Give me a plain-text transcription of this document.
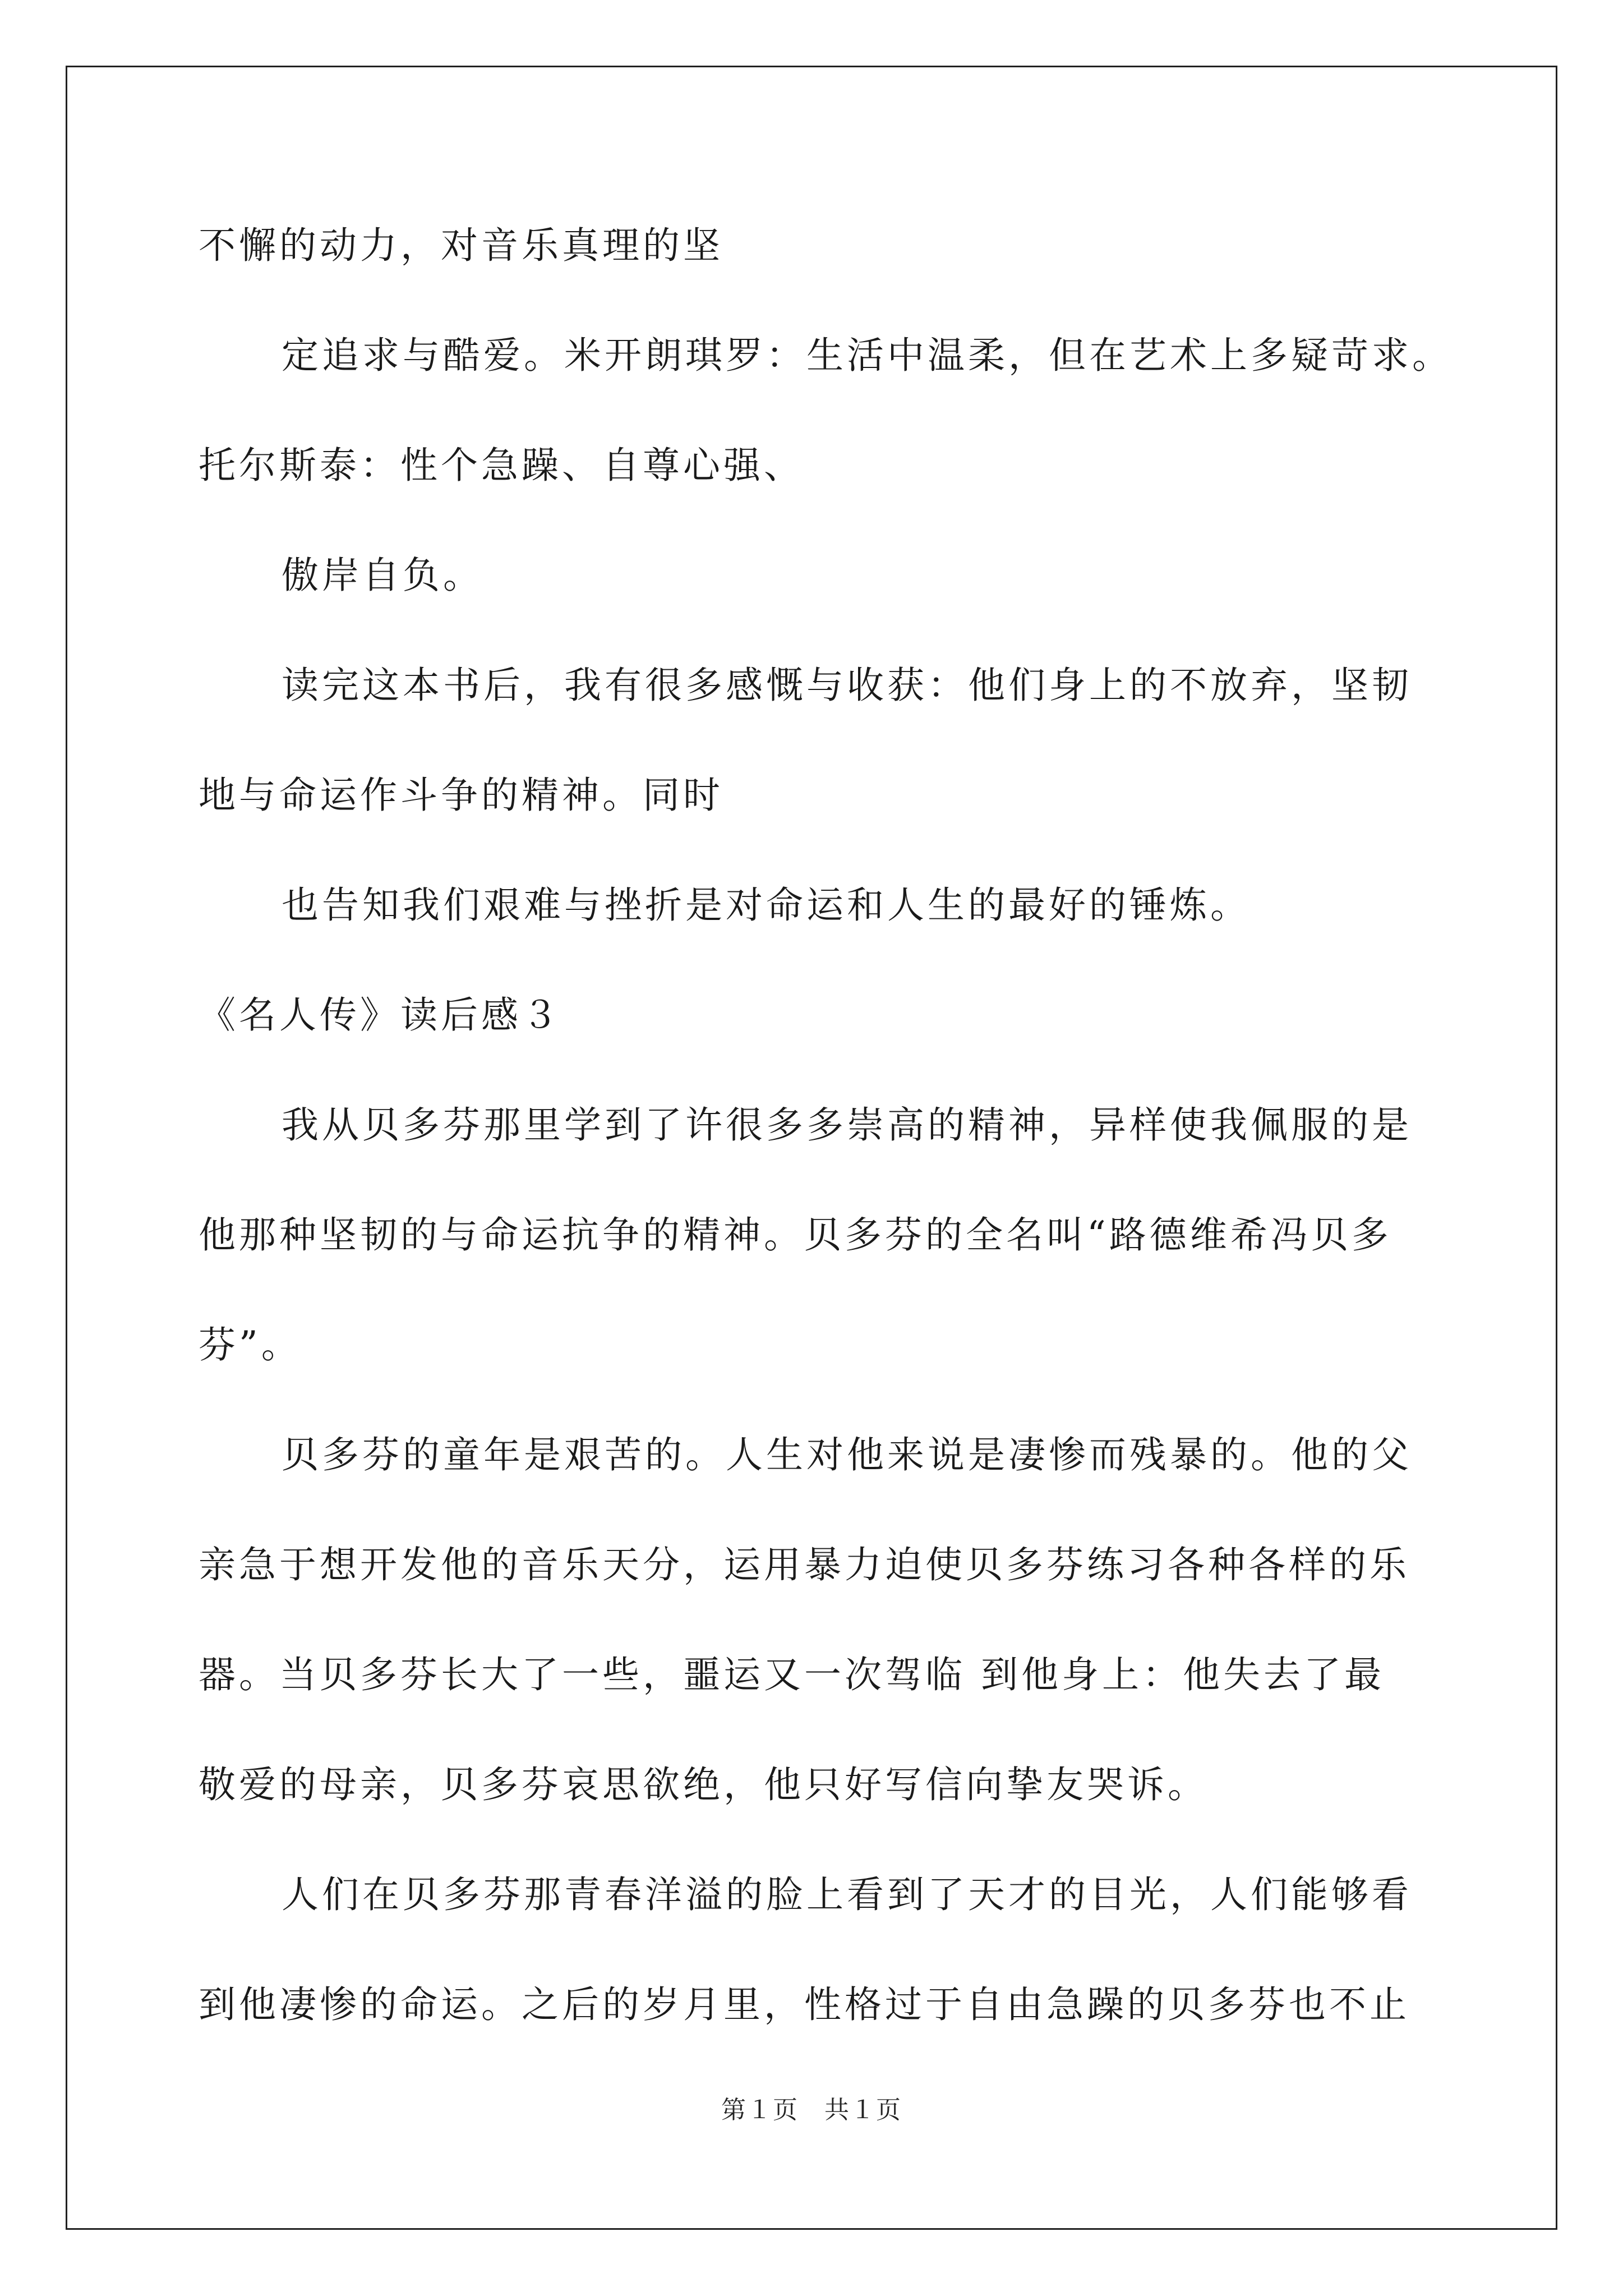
不懈的动力，对音乐真理的坚
定追求与酷爱。米开朗琪罗：生活中温柔，但在艺术上多疑苛求。
托尔斯泰：性个急躁、自尊心强、
傲岸自负。
读完这本书后，我有很多感慨与收获：他们身上的不放弃，坚韧
地与命运作斗争的精神。同时
也告知我们艰难与挫折是对命运和人生的最好的锤炼。
《名人传》读后感３
我从贝多芬那里学到了许很多多崇高的精神，异样使我佩服的是
他那种坚韧的与命运抗争的精神。贝多芬的全名叫“路德维希冯贝多
芬”。
贝多芬的童年是艰苦的。人生对他来说是凄惨而残暴的。他的父
亲急于想开发他的音乐天分，运用暴力迫使贝多芬练习各种各样的乐
器。当贝多芬长大了一些，噩运又一次驾临 到他身上：他失去了最
敬爱的母亲，贝多芬哀思欲绝，他只好写信向挚友哭诉。
人们在贝多芬那青春洋溢的脸上看到了天才的目光，人们能够看
到他凄惨的命运。之后的岁月里，性格过于自由急躁的贝多芬也不止
第１页　共１页
